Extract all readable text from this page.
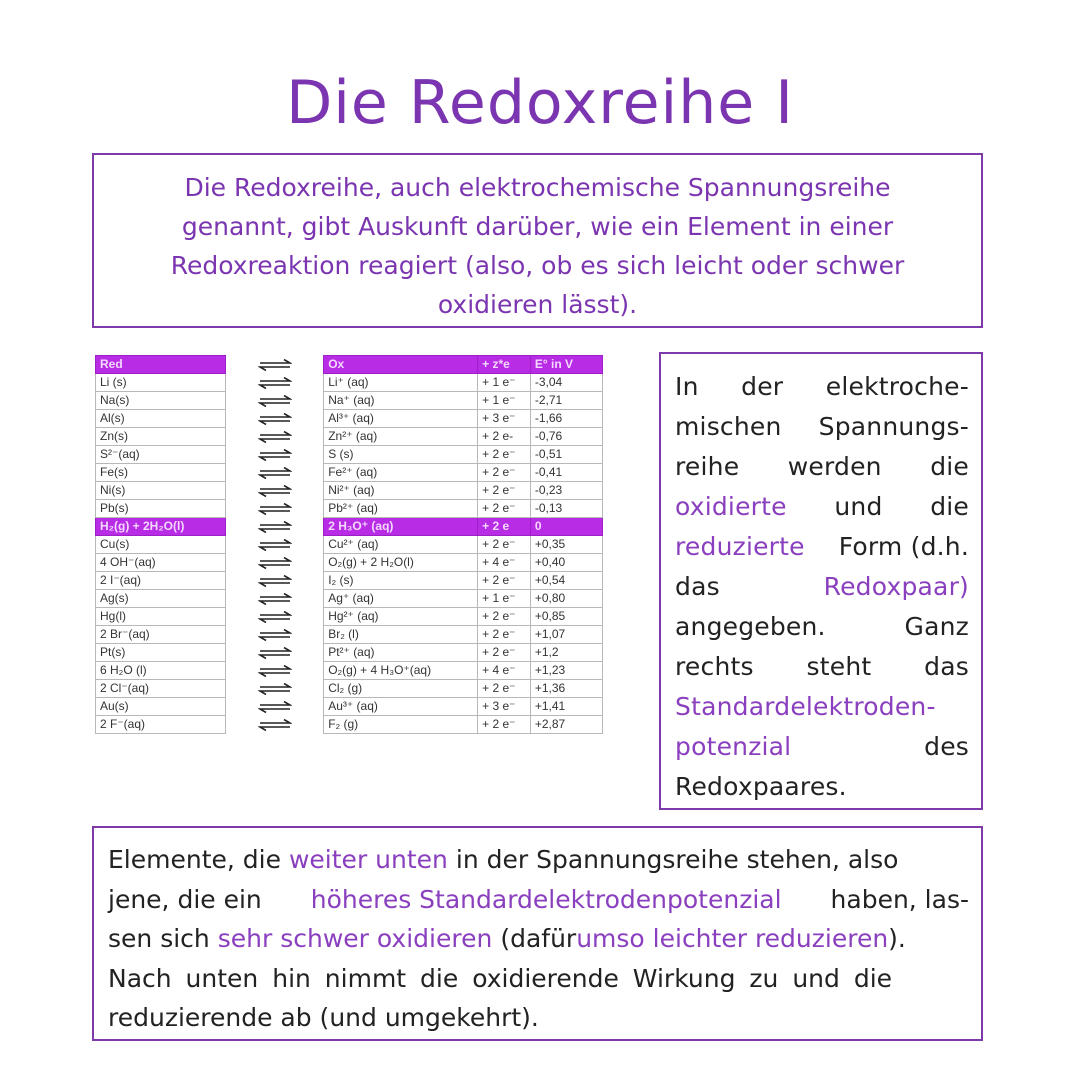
Die Redoxreihe I
Die Redoxreihe, auch elektrochemische Spannungsreihe
genannt, gibt Auskunft darüber, wie ein Element in einer
Redoxreaktion reagiert (also, ob es sich leicht oder schwer
oxidieren lässt).
Red		Ox	+ z*e	E° in V
Li (s)		Li⁺ (aq)	+ 1 e⁻	-3,04
Na(s)		Na⁺ (aq)	+ 1 e⁻	-2,71
Al(s)		Al³⁺ (aq)	+ 3 e⁻	-1,66
Zn(s)		Zn²⁺ (aq)	+ 2 e-	-0,76
S²⁻(aq)		S (s)	+ 2 e⁻	-0,51
Fe(s)		Fe²⁺ (aq)	+ 2 e⁻	-0,41
Ni(s)		Ni²⁺ (aq)	+ 2 e⁻	-0,23
Pb(s)		Pb²⁺ (aq)	+ 2 e⁻	-0,13
H₂(g) + 2H₂O(l)		2 H₃O⁺ (aq)	+ 2 e	0
Cu(s)		Cu²⁺ (aq)	+ 2 e⁻	+0,35
4 OH⁻(aq)		O₂(g) + 2 H₂O(l)	+ 4 e⁻	+0,40
2 I⁻(aq)		I₂ (s)	+ 2 e⁻	+0,54
Ag(s)		Ag⁺ (aq)	+ 1 e⁻	+0,80
Hg(l)		Hg²⁺ (aq)	+ 2 e⁻	+0,85
2 Br⁻(aq)		Br₂ (l)	+ 2 e⁻	+1,07
Pt(s)		Pt²⁺ (aq)	+ 2 e⁻	+1,2
6 H₂O (l)		O₂(g) + 4 H₃O⁺(aq)	+ 4 e⁻	+1,23
2 Cl⁻(aq)		Cl₂ (g)	+ 2 e⁻	+1,36
Au(s)		Au³⁺ (aq)	+ 3 e⁻	+1,41
2 F⁻(aq)		F₂ (g)	+ 2 e⁻	+2,87
In der elektroche-
mischen Spannungs-
reihe werden die
oxidierte und die
reduzierte Form (d.h.
das	Redoxpaar)
angegeben.	Ganz
rechts steht das
Standardelektroden-
potenzial	des
Redoxpaares.
Elemente, die weiter unten in der Spannungsreihe stehen, also
jene, die ein höheres Standardelektrodenpotenzial haben, las-
sen sich sehr schwer oxidieren (dafür umso leichter reduzieren ).
Nach unten hin nimmt die oxidierende Wirkung zu und die
reduzierende ab (und umgekehrt).
